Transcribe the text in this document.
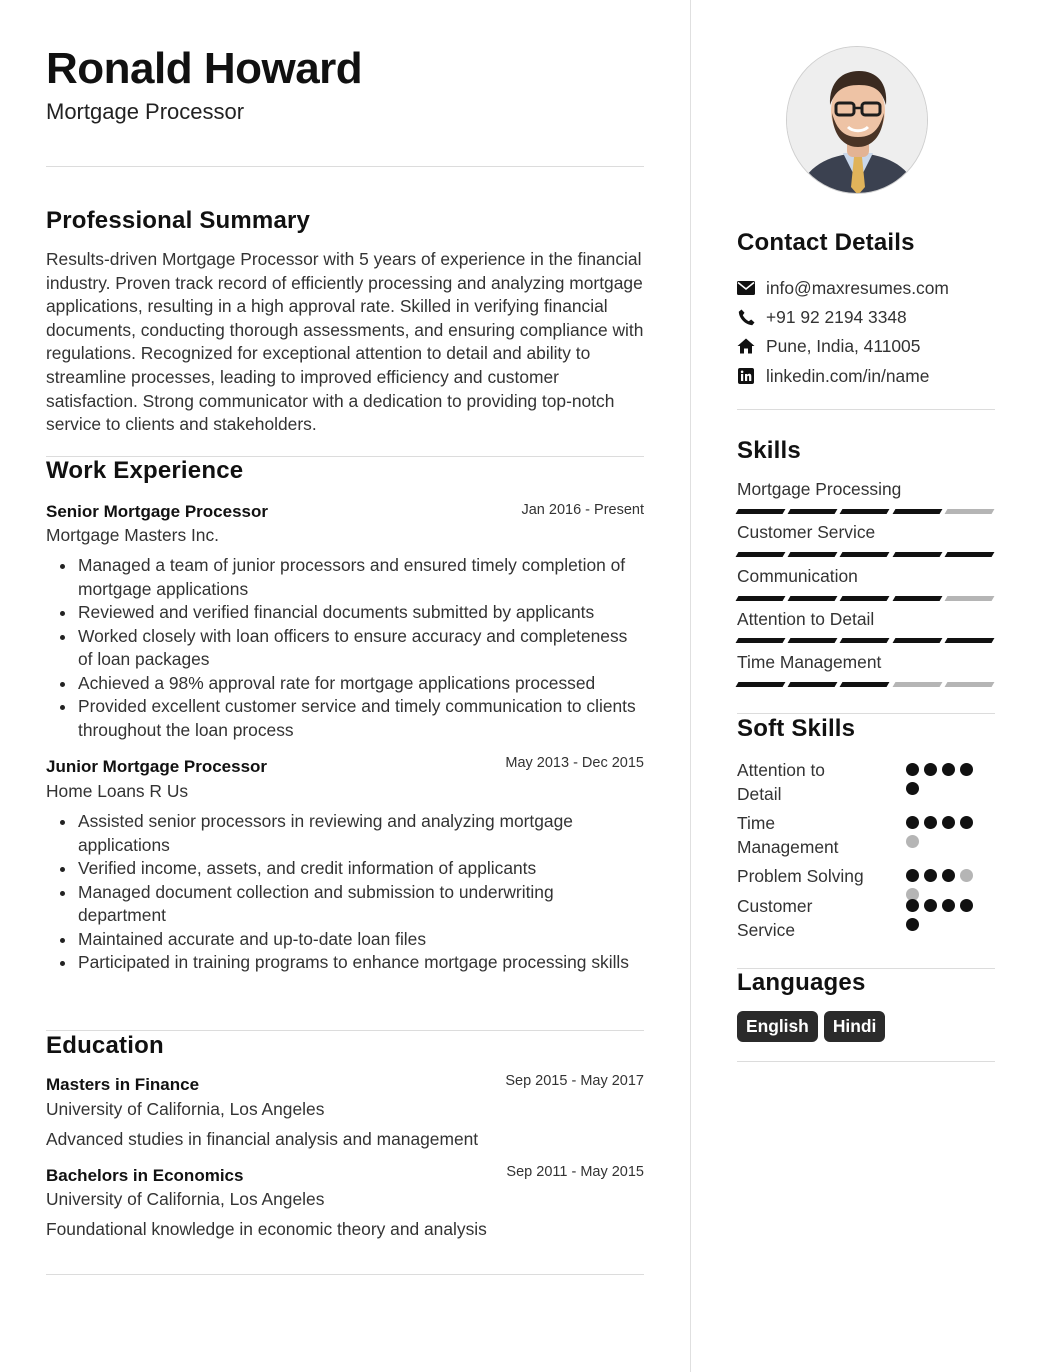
Ronald Howard
Mortgage Processor
Professional Summary
Results-driven Mortgage Processor with 5 years of experience in the financial industry. Proven track record of efficiently processing and analyzing mortgage applications, resulting in a high approval rate. Skilled in verifying financial documents, conducting thorough assessments, and ensuring compliance with regulations. Recognized for exceptional attention to detail and ability to streamline processes, leading to improved efficiency and customer satisfaction. Strong communicator with a dedication to providing top-notch service to clients and stakeholders.
Work Experience
Senior Mortgage Processor	Jan 2016 - Present
Mortgage Masters Inc.
Managed a team of junior processors and ensured timely completion of mortgage applications
Reviewed and verified financial documents submitted by applicants
Worked closely with loan officers to ensure accuracy and completeness of loan packages
Achieved a 98% approval rate for mortgage applications processed
Provided excellent customer service and timely communication to clients throughout the loan process
Junior Mortgage Processor	May 2013 - Dec 2015
Home Loans R Us
Assisted senior processors in reviewing and analyzing mortgage applications
Verified income, assets, and credit information of applicants
Managed document collection and submission to underwriting department
Maintained accurate and up-to-date loan files
Participated in training programs to enhance mortgage processing skills
Education
Masters in Finance	Sep 2015 - May 2017
University of California, Los Angeles
Advanced studies in financial analysis and management
Bachelors in Economics	Sep 2011 - May 2015
University of California, Los Angeles
Foundational knowledge in economic theory and analysis
Contact Details
info@maxresumes.com
+91 92 2194 3348
Pune, India, 411005
linkedin.com/in/name
Skills
Mortgage Processing
Customer Service
Communication
Attention to Detail
Time Management
Soft Skills
Attention to Detail
Time Management
Problem Solving
Customer Service
Languages
English	Hindi
